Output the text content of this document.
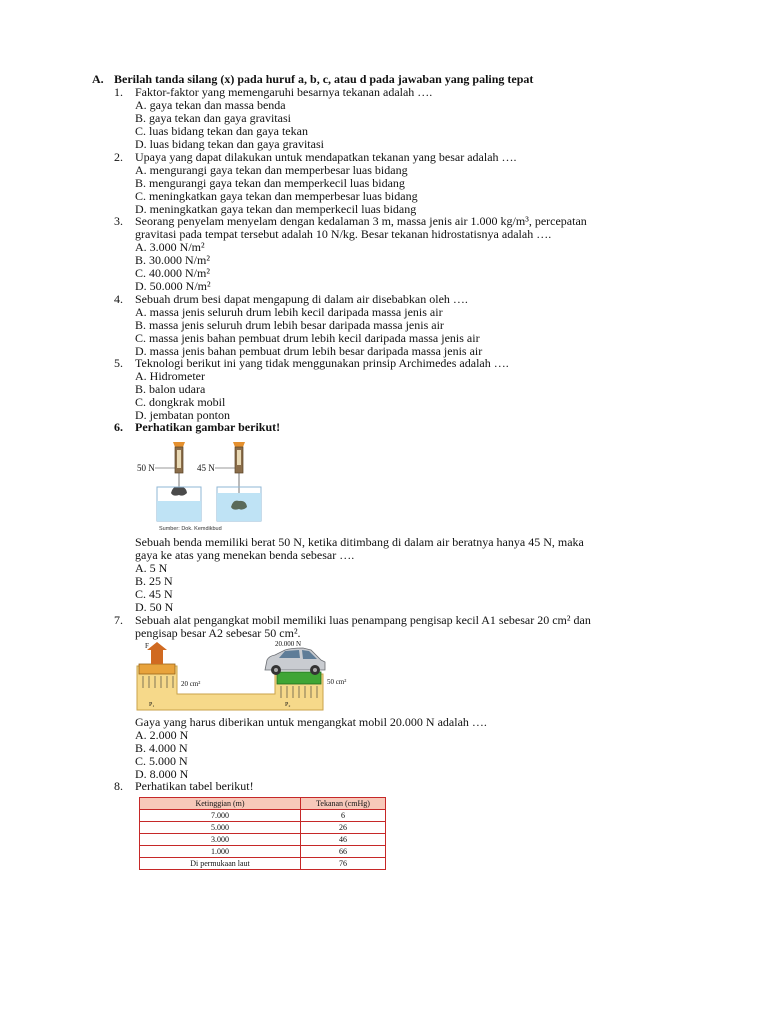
A. Berilah tanda silang (x) pada huruf a, b, c, atau d pada jawaban yang paling tepat
1. Faktor-faktor yang memengaruhi besarnya tekanan adalah ….
A. gaya tekan dan massa benda
B. gaya tekan dan gaya gravitasi
C. luas bidang tekan dan gaya tekan
D. luas bidang tekan dan gaya gravitasi
2. Upaya yang dapat dilakukan untuk mendapatkan tekanan yang besar adalah ….
A. mengurangi gaya tekan dan memperbesar luas bidang
B. mengurangi gaya tekan dan memperkecil luas bidang
C. meningkatkan gaya tekan dan memperbesar luas bidang
D. meningkatkan gaya tekan dan memperkecil luas bidang
3. Seorang penyelam menyelam dengan kedalaman 3 m, massa jenis air 1.000 kg/m³, percepatan
gravitasi pada tempat tersebut adalah 10 N/kg. Besar tekanan hidrostatisnya adalah ….
A. 3.000 N/m²
B. 30.000 N/m²
C. 40.000 N/m²
D. 50.000 N/m²
4. Sebuah drum besi dapat mengapung di dalam air disebabkan oleh ….
A. massa jenis seluruh drum lebih kecil daripada massa jenis air
B. massa jenis seluruh drum lebih besar daripada massa jenis air
C. massa jenis bahan pembuat drum lebih kecil daripada massa jenis air
D. massa jenis bahan pembuat drum lebih besar daripada massa jenis air
5. Teknologi berikut ini yang tidak menggunakan prinsip Archimedes adalah ….
A. Hidrometer
B. balon udara
C. dongkrak mobil
D. jembatan ponton
6. Perhatikan gambar berikut!
50 N	45 N
Sumber: Dok. Kemdikbud
Sebuah benda memiliki berat 50 N, ketika ditimbang di dalam air beratnya hanya 45 N, maka
gaya ke atas yang menekan benda sebesar ….
A. 5 N
B. 25 N
C. 45 N
D. 50 N
7. Sebuah alat pengangkat mobil memiliki luas penampang pengisap kecil A1 sebesar 20 cm² dan
pengisap besar A2 sebesar 50 cm².
F
20 cm²
P₁
50 cm²
P₂
20.000 N
Gaya yang harus diberikan untuk mengangkat mobil 20.000 N adalah ….
A. 2.000 N
B. 4.000 N
C. 5.000 N
D. 8.000 N
8. Perhatikan tabel berikut!
Ketinggian (m)	Tekanan (cmHg)
7.000	6
5.000	26
3.000	46
1.000	66
Di permukaan laut	76
